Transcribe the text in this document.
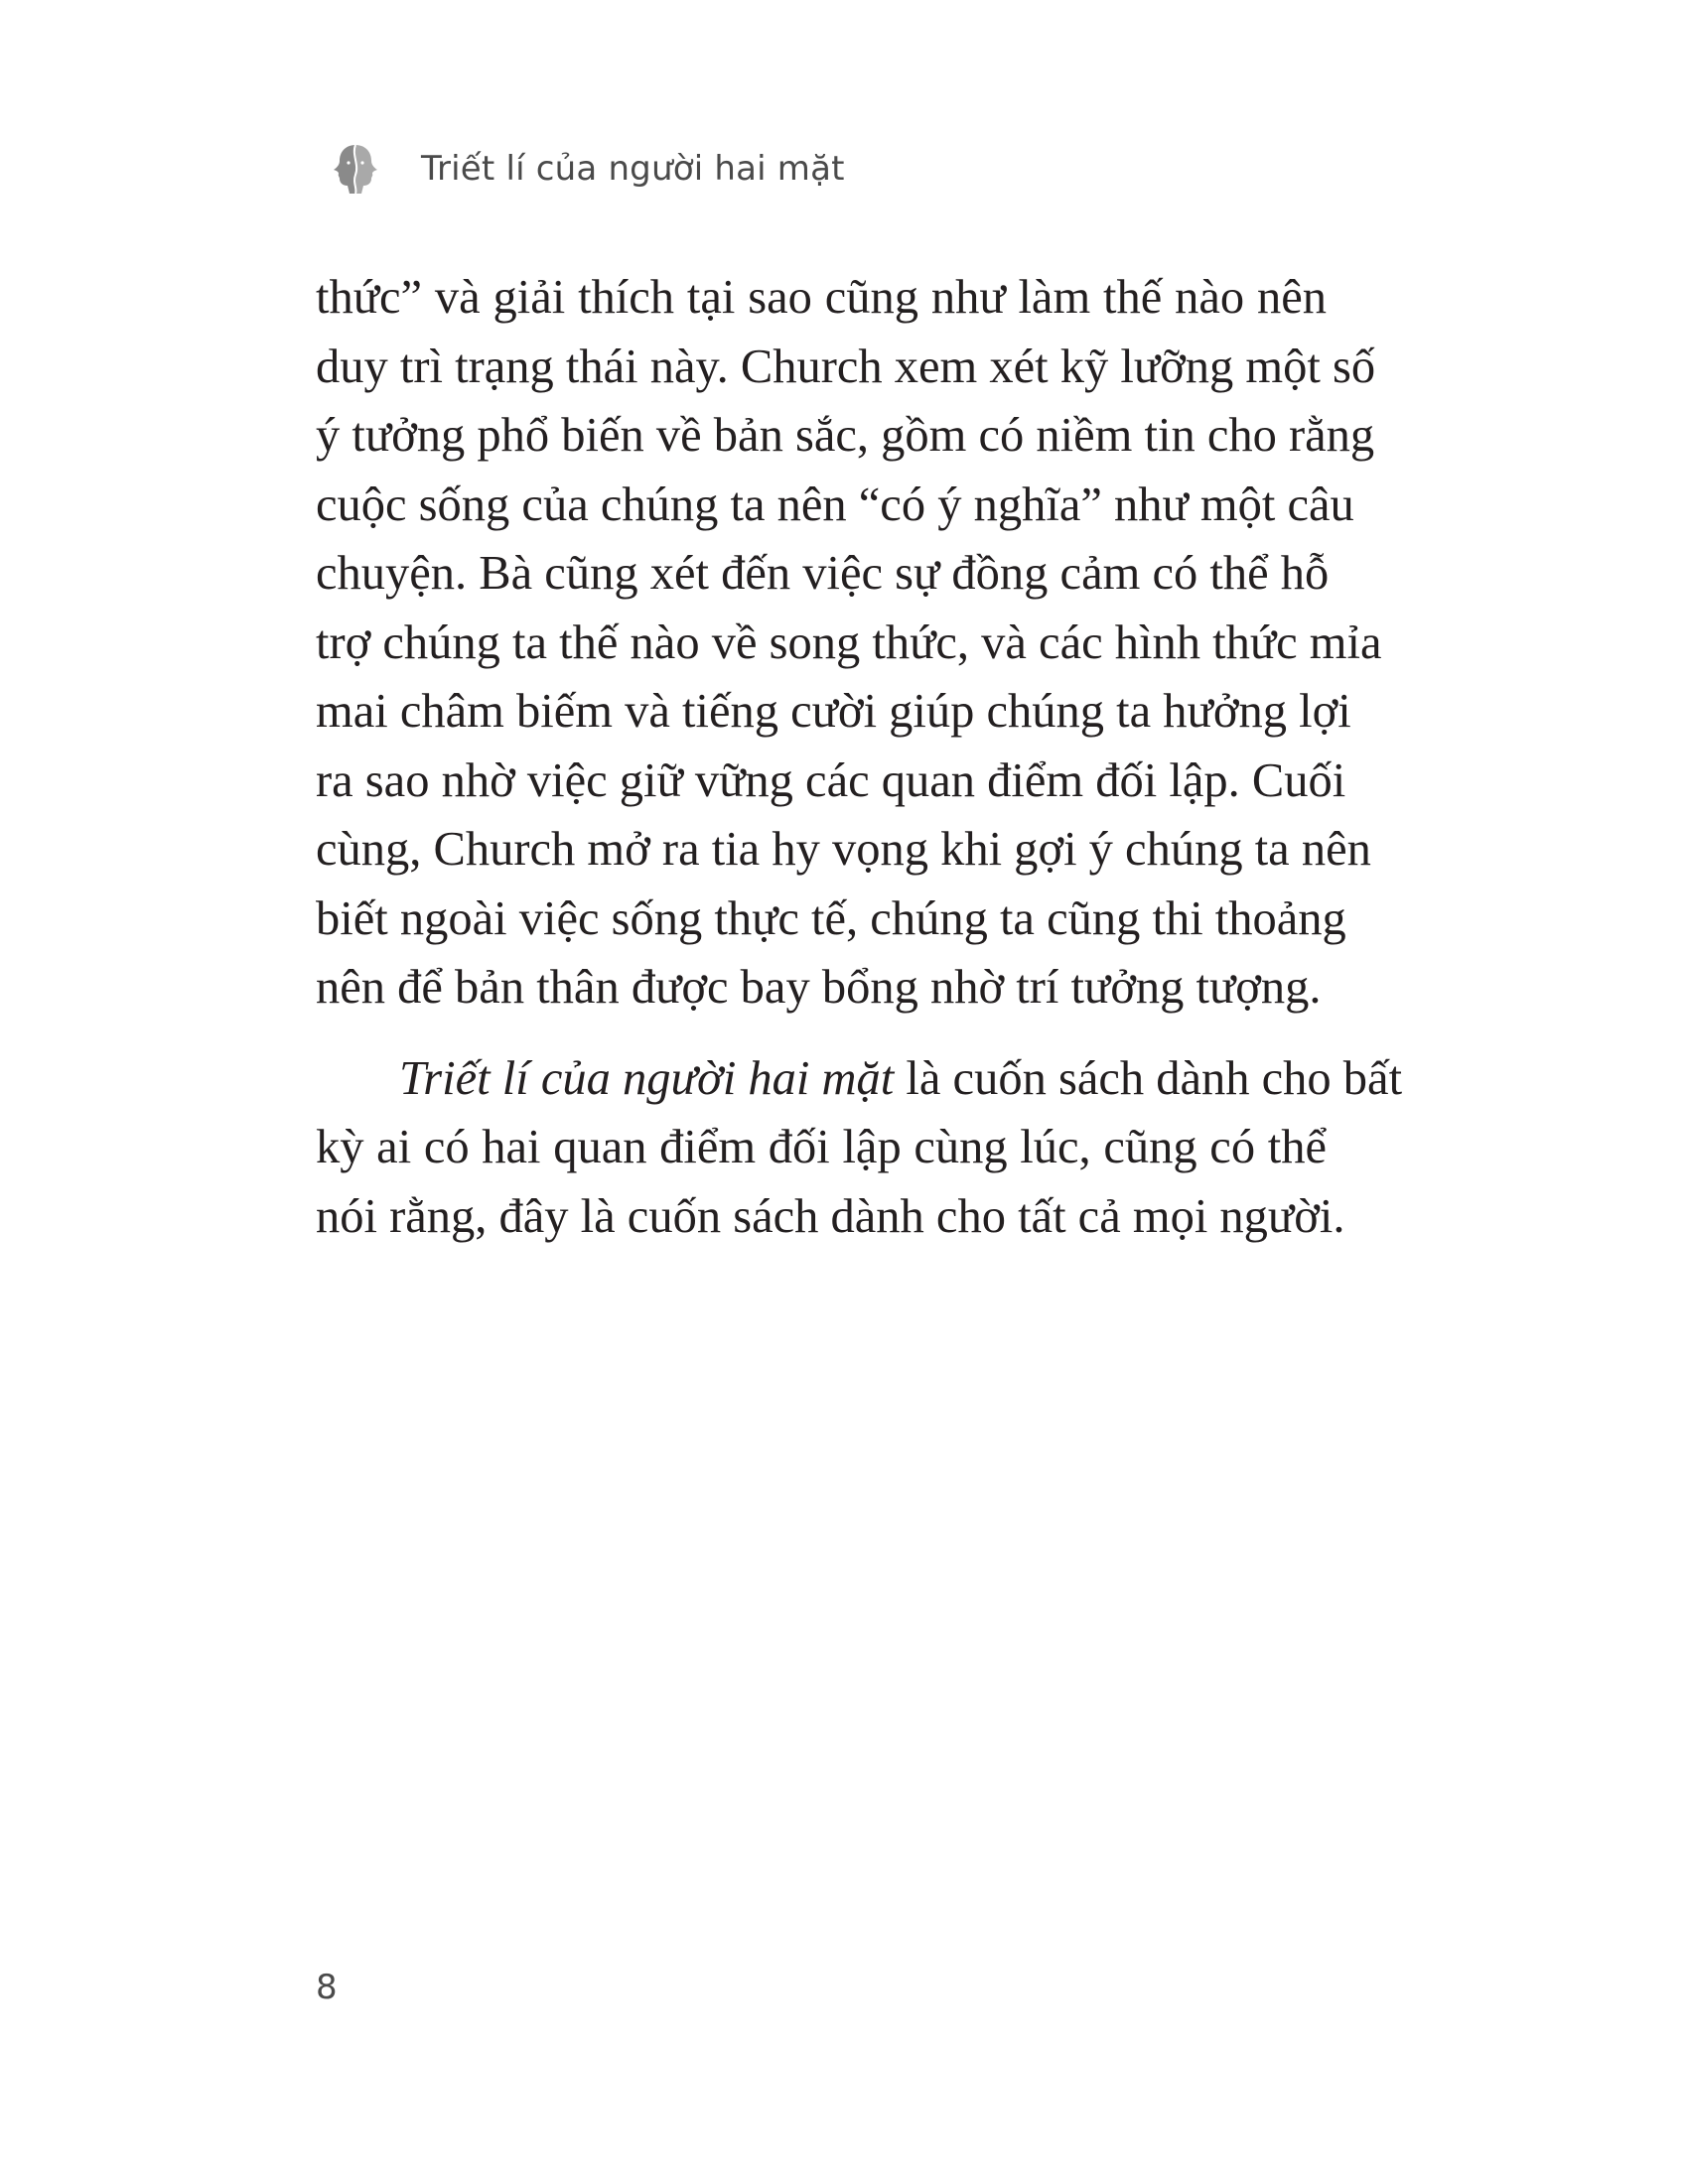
Triết lí của người hai mặt
thức” và giải thích tại sao cũng như làm thế nào nên
duy trì trạng thái này. Church xem xét kỹ lưỡng một số
ý tưởng phổ biến về bản sắc, gồm có niềm tin cho rằng
cuộc sống của chúng ta nên “có ý nghĩa” như một câu
chuyện. Bà cũng xét đến việc sự đồng cảm có thể hỗ
trợ chúng ta thế nào về song thức, và các hình thức mỉa
mai châm biếm và tiếng cười giúp chúng ta hưởng lợi
ra sao nhờ việc giữ vững các quan điểm đối lập. Cuối
cùng, Church mở ra tia hy vọng khi gợi ý chúng ta nên
biết ngoài việc sống thực tế, chúng ta cũng thi thoảng
nên để bản thân được bay bổng nhờ trí tưởng tượng.
Triết lí của người hai mặt là cuốn sách dành cho bất
kỳ ai có hai quan điểm đối lập cùng lúc, cũng có thể
nói rằng, đây là cuốn sách dành cho tất cả mọi người.
8
